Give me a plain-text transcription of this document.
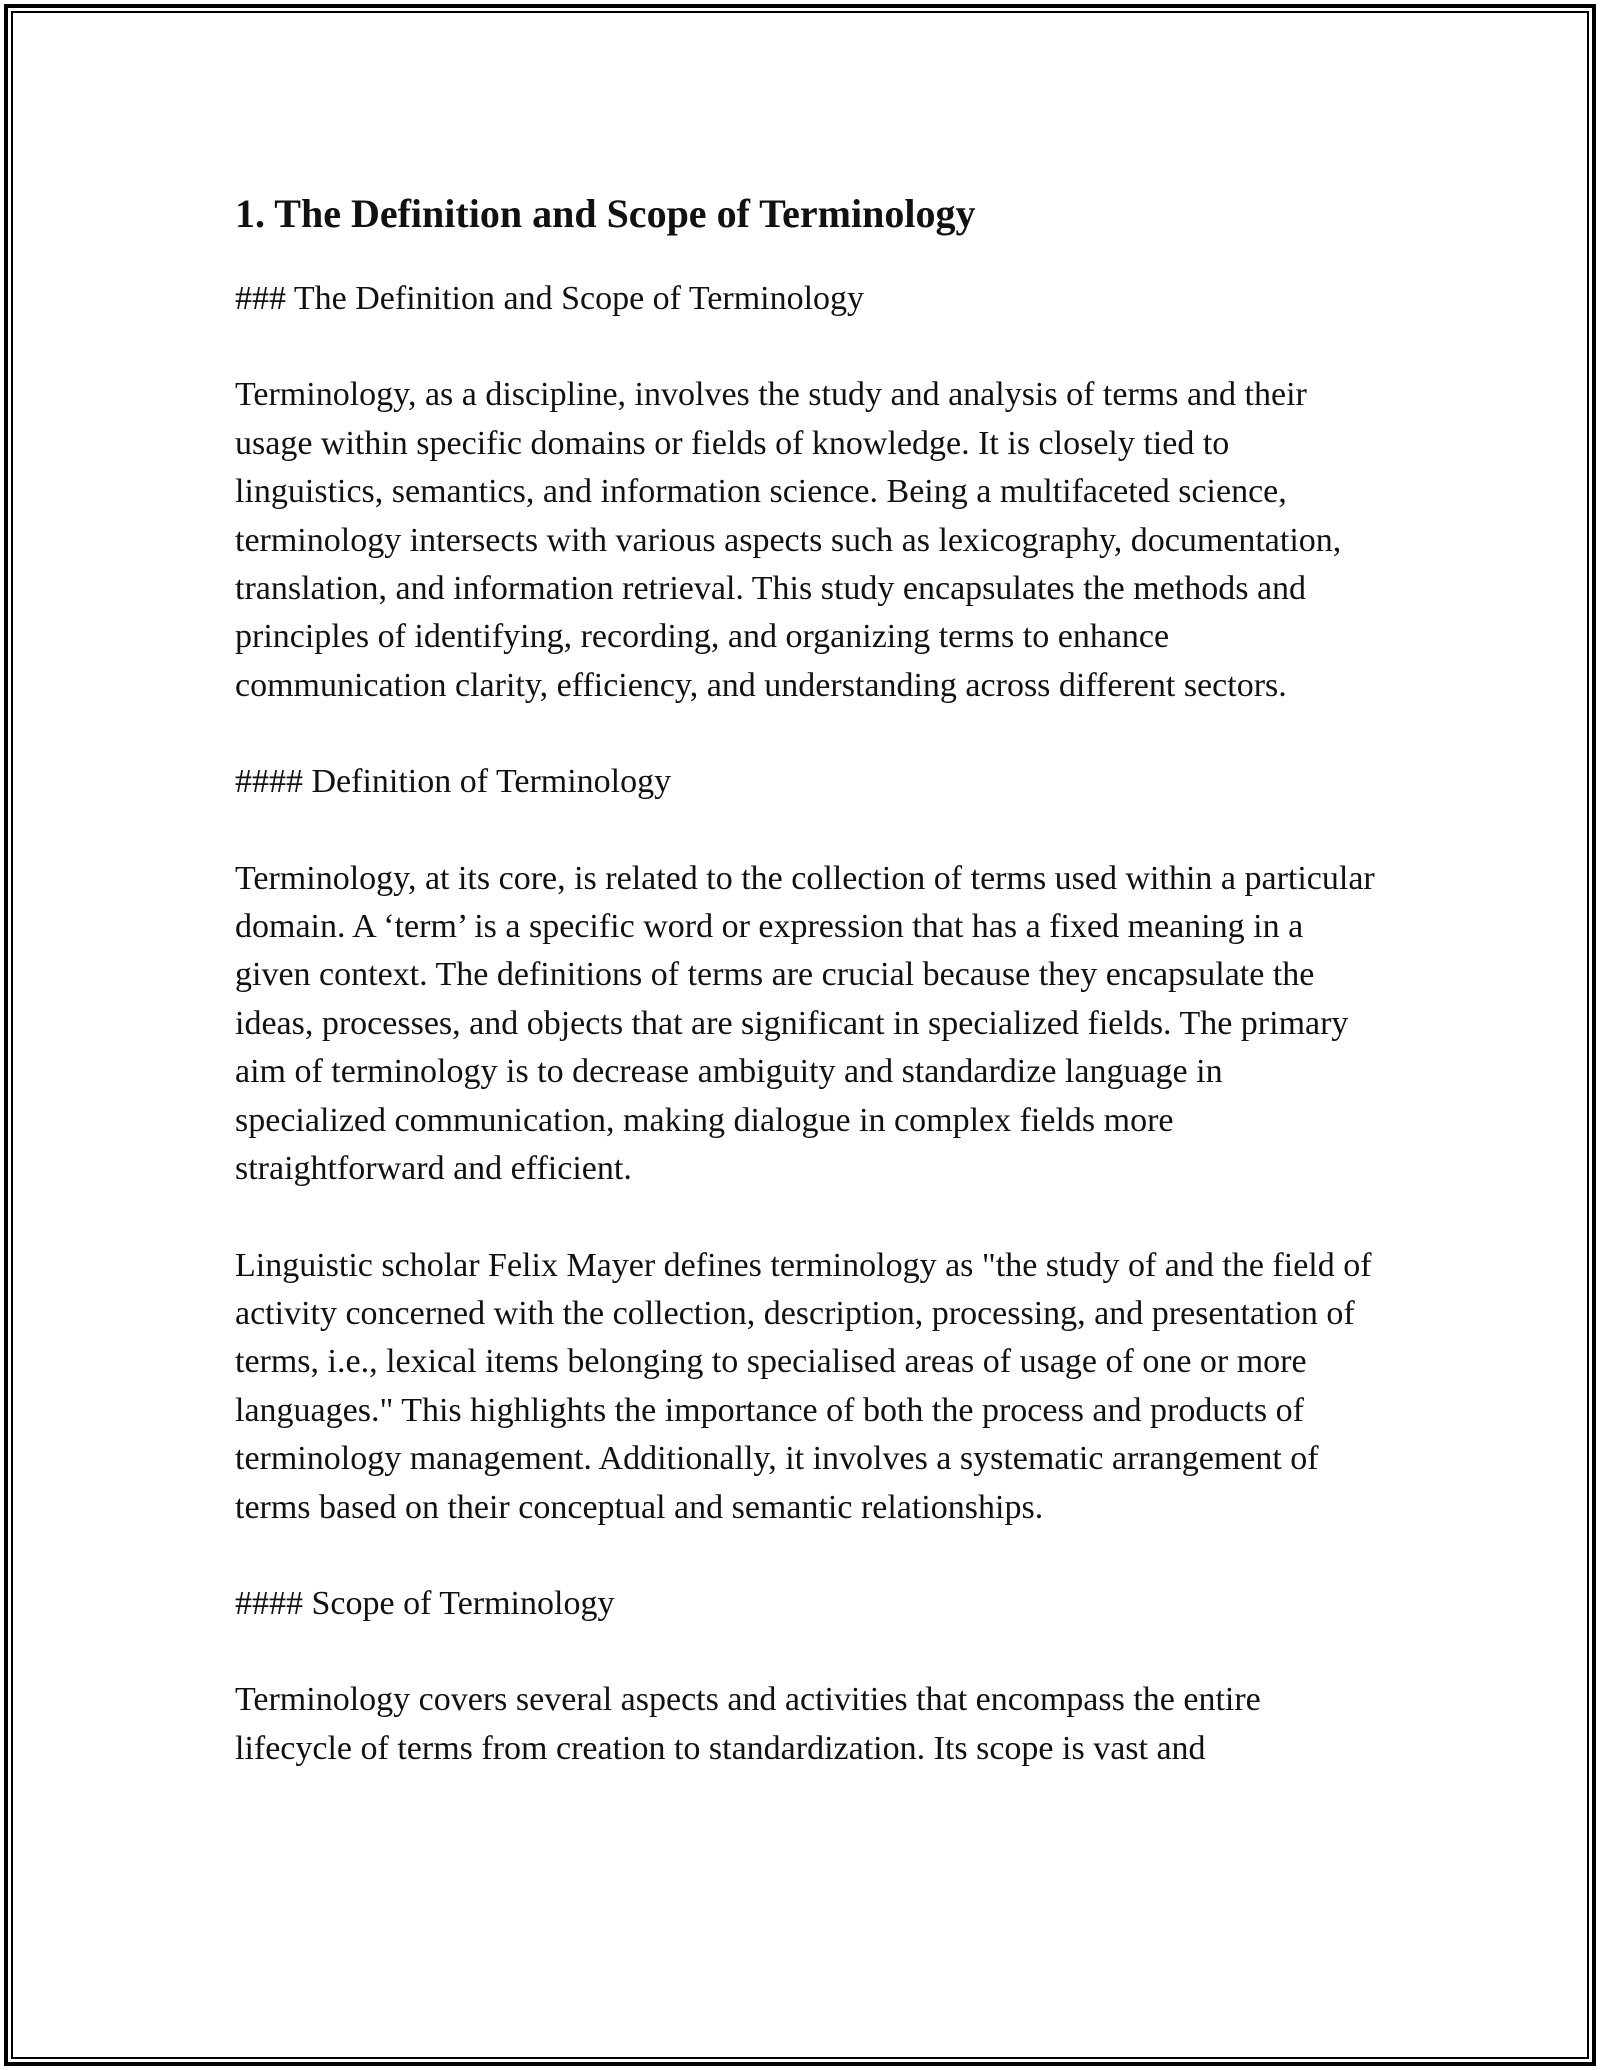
1. The Definition and Scope of Terminology

### The Definition and Scope of Terminology

Terminology, as a discipline, involves the study and analysis of terms and their usage within specific domains or fields of knowledge. It is closely tied to linguistics, semantics, and information science. Being a multifaceted science, terminology intersects with various aspects such as lexicography, documentation, translation, and information retrieval. This study encapsulates the methods and principles of identifying, recording, and organizing terms to enhance communication clarity, efficiency, and understanding across different sectors.

#### Definition of Terminology

Terminology, at its core, is related to the collection of terms used within a particular domain. A ‘term’ is a specific word or expression that has a fixed meaning in a given context. The definitions of terms are crucial because they encapsulate the ideas, processes, and objects that are significant in specialized fields. The primary aim of terminology is to decrease ambiguity and standardize language in specialized communication, making dialogue in complex fields more straightforward and efficient.

Linguistic scholar Felix Mayer defines terminology as "the study of and the field of activity concerned with the collection, description, processing, and presentation of terms, i.e., lexical items belonging to specialised areas of usage of one or more languages." This highlights the importance of both the process and products of terminology management. Additionally, it involves a systematic arrangement of terms based on their conceptual and semantic relationships.

#### Scope of Terminology

Terminology covers several aspects and activities that encompass the entire lifecycle of terms from creation to standardization. Its scope is vast and
